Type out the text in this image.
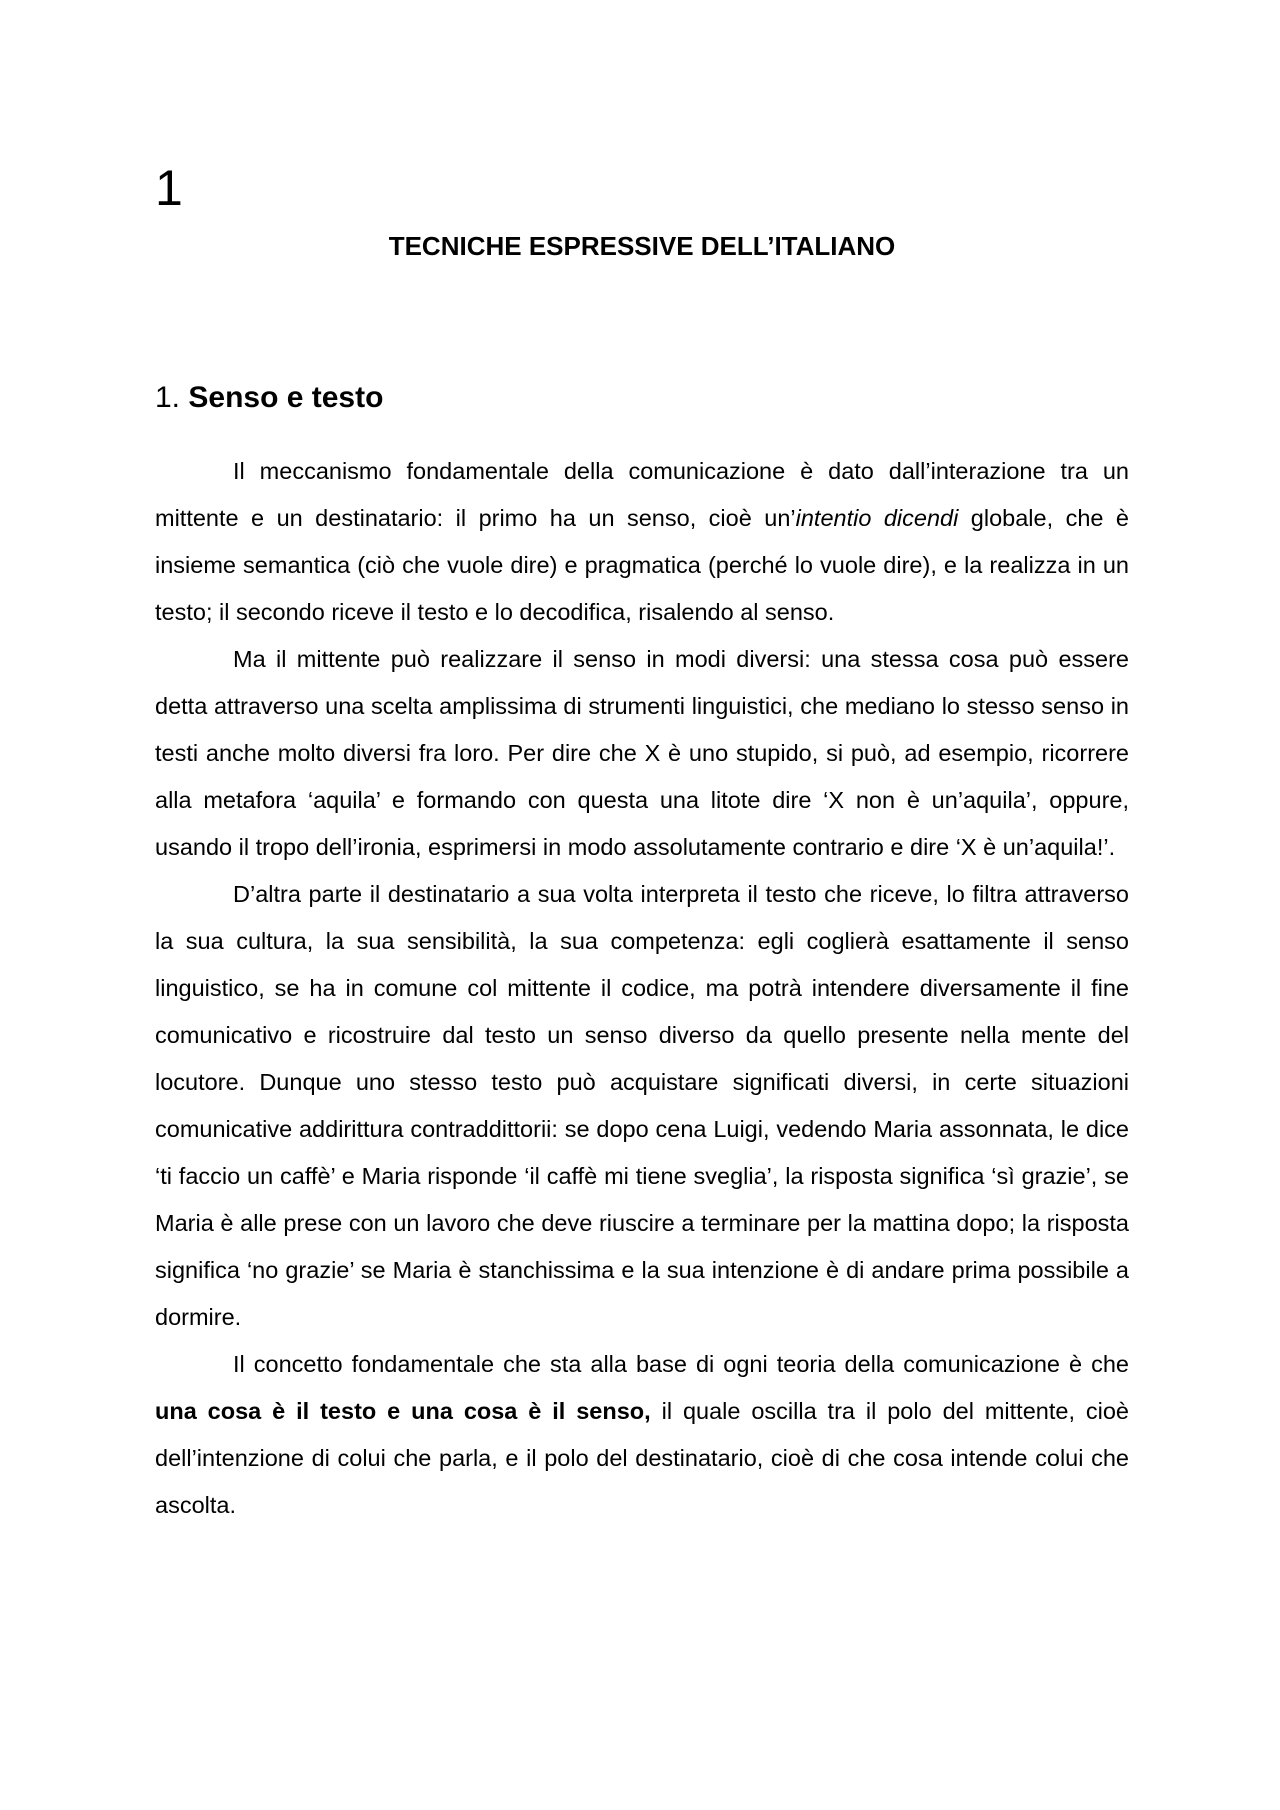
1
TECNICHE ESPRESSIVE DELL’ITALIANO
1. Senso e testo

Il meccanismo fondamentale della comunicazione è dato dall’interazione tra un mittente e un destinatario: il primo ha un senso, cioè un’intentio dicendi globale, che è insieme semantica (ciò che vuole dire) e pragmatica (perché lo vuole dire), e la realizza in un testo; il secondo riceve il testo e lo decodifica, risalendo al senso.

Ma il mittente può realizzare il senso in modi diversi: una stessa cosa può essere detta attraverso una scelta amplissima di strumenti linguistici, che mediano lo stesso senso in testi anche molto diversi fra loro. Per dire che X è uno stupido, si può, ad esempio, ricorrere alla metafora ‘aquila’ e formando con questa una litote dire ‘X non è un’aquila’, oppure, usando il tropo dell’ironia, esprimersi in modo assolutamente contrario e dire ‘X è un’aquila!’.

D’altra parte il destinatario a sua volta interpreta il testo che riceve, lo filtra attraverso la sua cultura, la sua sensibilità, la sua competenza: egli coglierà esattamente il senso linguistico, se ha in comune col mittente il codice, ma potrà intendere diversamente il fine comunicativo e ricostruire dal testo un senso diverso da quello presente nella mente del locutore. Dunque uno stesso testo può acquistare significati diversi, in certe situazioni comunicative addirittura contraddittorii: se dopo cena Luigi, vedendo Maria assonnata, le dice ‘ti faccio un caffè’ e Maria risponde ‘il caffè mi tiene sveglia’, la risposta significa ‘sì grazie’, se Maria è alle prese con un lavoro che deve riuscire a terminare per la mattina dopo; la risposta significa ‘no grazie’ se Maria è stanchissima e la sua intenzione è di andare prima possibile a dormire.

Il concetto fondamentale che sta alla base di ogni teoria della comunicazione è che una cosa è il testo e una cosa è il senso, il quale oscilla tra il polo del mittente, cioè dell’intenzione di colui che parla, e il polo del destinatario, cioè di che cosa intende colui che ascolta.
